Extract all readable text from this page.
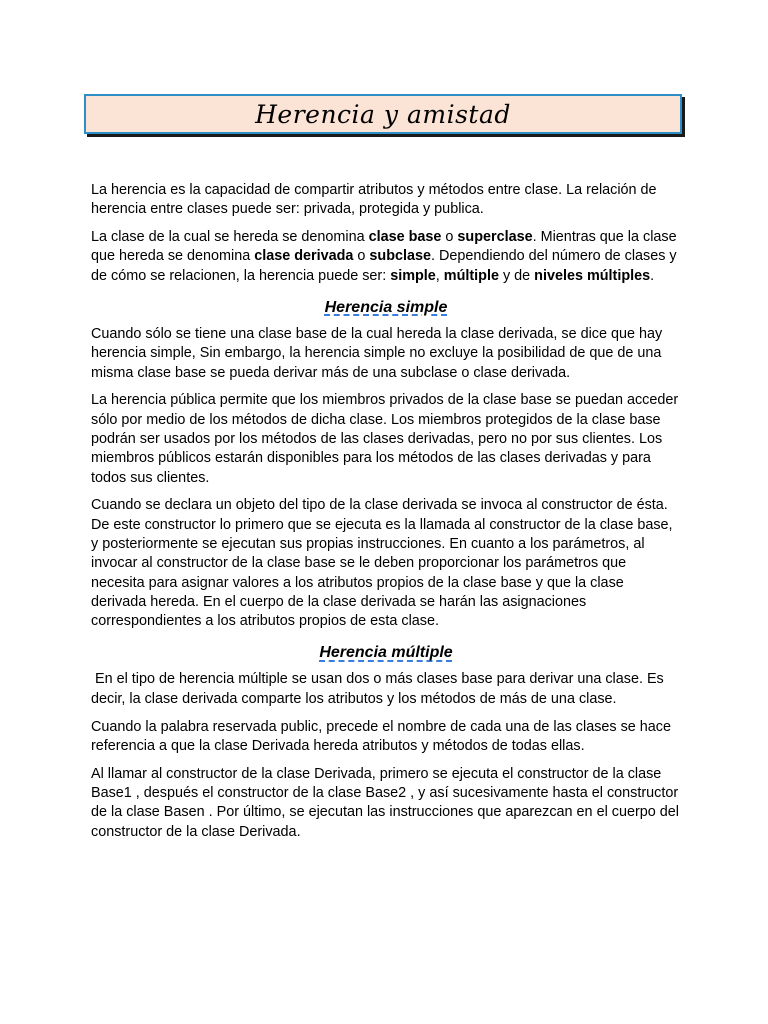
Herencia y amistad

La herencia es la capacidad de compartir atributos y métodos entre clase. La relación de herencia entre clases puede ser: privada, protegida y publica.

La clase de la cual se hereda se denomina clase base o superclase. Mientras que la clase que hereda se denomina clase derivada o subclase. Dependiendo del número de clases y de cómo se relacionen, la herencia puede ser: simple, múltiple y de niveles múltiples.

Herencia simple

Cuando sólo se tiene una clase base de la cual hereda la clase derivada, se dice que hay herencia simple, Sin embargo, la herencia simple no excluye la posibilidad de que de una misma clase base se pueda derivar más de una subclase o clase derivada.

La herencia pública permite que los miembros privados de la clase base se puedan acceder sólo por medio de los métodos de dicha clase. Los miembros protegidos de la clase base podrán ser usados por los métodos de las clases derivadas, pero no por sus clientes. Los miembros públicos estarán disponibles para los métodos de las clases derivadas y para todos sus clientes.

Cuando se declara un objeto del tipo de la clase derivada se invoca al constructor de ésta. De este constructor lo primero que se ejecuta es la llamada al constructor de la clase base, y posteriormente se ejecutan sus propias instrucciones. En cuanto a los parámetros, al invocar al constructor de la clase base se le deben proporcionar los parámetros que necesita para asignar valores a los atributos propios de la clase base y que la clase derivada hereda. En el cuerpo de la clase derivada se harán las asignaciones correspondientes a los atributos propios de esta clase.

Herencia múltiple

En el tipo de herencia múltiple se usan dos o más clases base para derivar una clase. Es decir, la clase derivada comparte los atributos y los métodos de más de una clase.

Cuando la palabra reservada public, precede el nombre de cada una de las clases se hace referencia a que la clase Derivada hereda atributos y métodos de todas ellas.

Al llamar al constructor de la clase Derivada, primero se ejecuta el constructor de la clase Base1 , después el constructor de la clase Base2 , y así sucesivamente hasta el constructor de la clase Basen . Por último, se ejecutan las instrucciones que aparezcan en el cuerpo del constructor de la clase Derivada.
